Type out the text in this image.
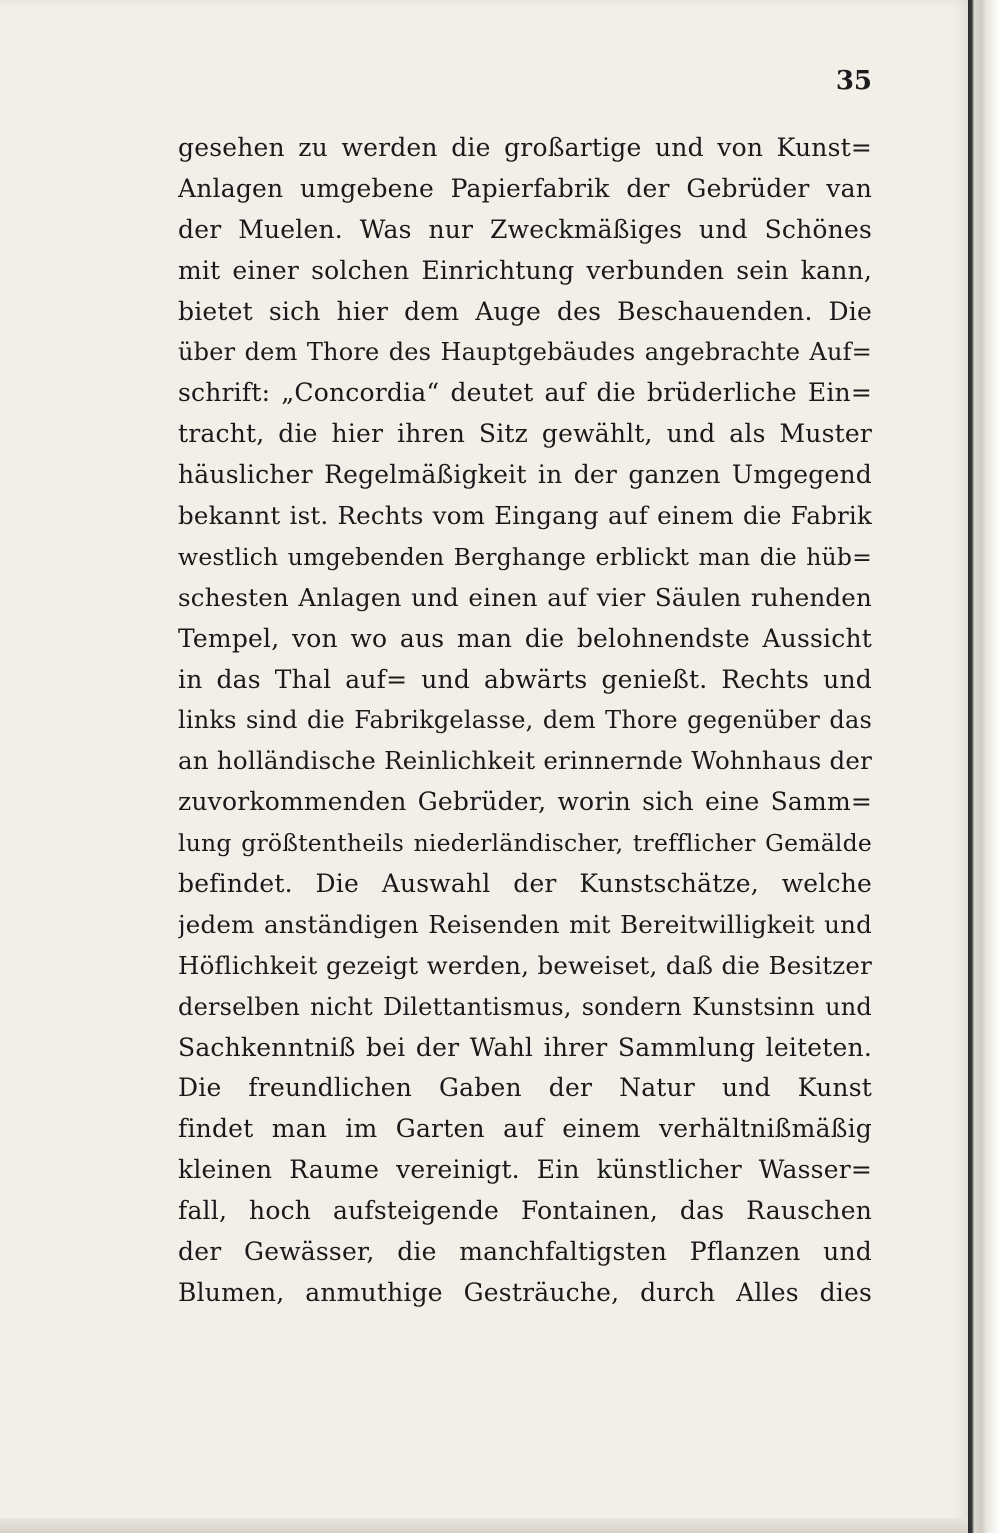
35
gesehen zu werden die großartige und von Kunst=
Anlagen umgebene Papierfabrik der Gebrüder van
der Muelen. Was nur Zweckmäßiges und Schönes
mit einer solchen Einrichtung verbunden sein kann,
bietet sich hier dem Auge des Beschauenden. Die
über dem Thore des Hauptgebäudes angebrachte Auf=
schrift: „Concordia“ deutet auf die brüderliche Ein=
tracht, die hier ihren Sitz gewählt, und als Muster
häuslicher Regelmäßigkeit in der ganzen Umgegend
bekannt ist. Rechts vom Eingang auf einem die Fabrik
westlich umgebenden Berghange erblickt man die hüb=
schesten Anlagen und einen auf vier Säulen ruhenden
Tempel, von wo aus man die belohnendste Aussicht
in das Thal auf= und abwärts genießt. Rechts und
links sind die Fabrikgelasse, dem Thore gegenüber das
an holländische Reinlichkeit erinnernde Wohnhaus der
zuvorkommenden Gebrüder, worin sich eine Samm=
lung größtentheils niederländischer, trefflicher Gemälde
befindet. Die Auswahl der Kunstschätze, welche
jedem anständigen Reisenden mit Bereitwilligkeit und
Höflichkeit gezeigt werden, beweiset, daß die Besitzer
derselben nicht Dilettantismus, sondern Kunstsinn und
Sachkenntniß bei der Wahl ihrer Sammlung leiteten.
Die freundlichen Gaben der Natur und Kunst
findet man im Garten auf einem verhältnißmäßig
kleinen Raume vereinigt. Ein künstlicher Wasser=
fall, hoch aufsteigende Fontainen, das Rauschen
der Gewässer, die manchfaltigsten Pflanzen und
Blumen, anmuthige Gesträuche, durch Alles dies
